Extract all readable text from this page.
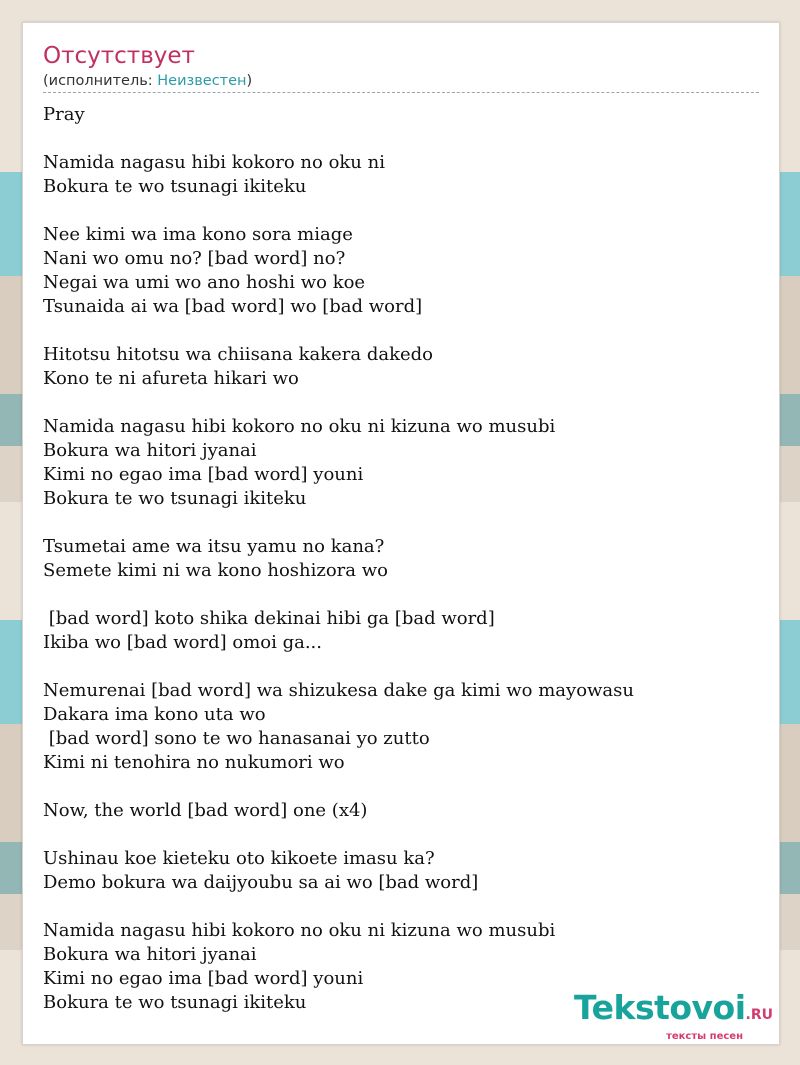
Отсутствует
(исполнитель: Неизвестен)
Pray
Namida nagasu hibi kokoro no oku ni
Bokura te wo tsunagi ikiteku
Nee kimi wa ima kono sora miage
Nani wo omu no? [bad word] no?
Negai wa umi wo ano hoshi wo koe
Tsunaida ai wa [bad word] wo [bad word]
Hitotsu hitotsu wa chiisana kakera dakedo
Kono te ni afureta hikari wo
Namida nagasu hibi kokoro no oku ni kizuna wo musubi
Bokura wa hitori jyanai
Kimi no egao ima [bad word] youni
Bokura te wo tsunagi ikiteku
Tsumetai ame wa itsu yamu no kana?
Semete kimi ni wa kono hoshizora wo
[bad word] koto shika dekinai hibi ga [bad word]
Ikiba wo [bad word] omoi ga...
Nemurenai [bad word] wa shizukesa dake ga kimi wo mayowasu
Dakara ima kono uta wo
[bad word] sono te wo hanasanai yo zutto
Kimi ni tenohira no nukumori wo
Now, the world [bad word] one (x4)
Ushinau koe kieteku oto kikoete imasu ka?
Demo bokura wa daijyoubu sa ai wo [bad word]
Namida nagasu hibi kokoro no oku ni kizuna wo musubi
Bokura wa hitori jyanai
Kimi no egao ima [bad word] youni
Bokura te wo tsunagi ikiteku	Tekstovoi.RU
тексты песен
